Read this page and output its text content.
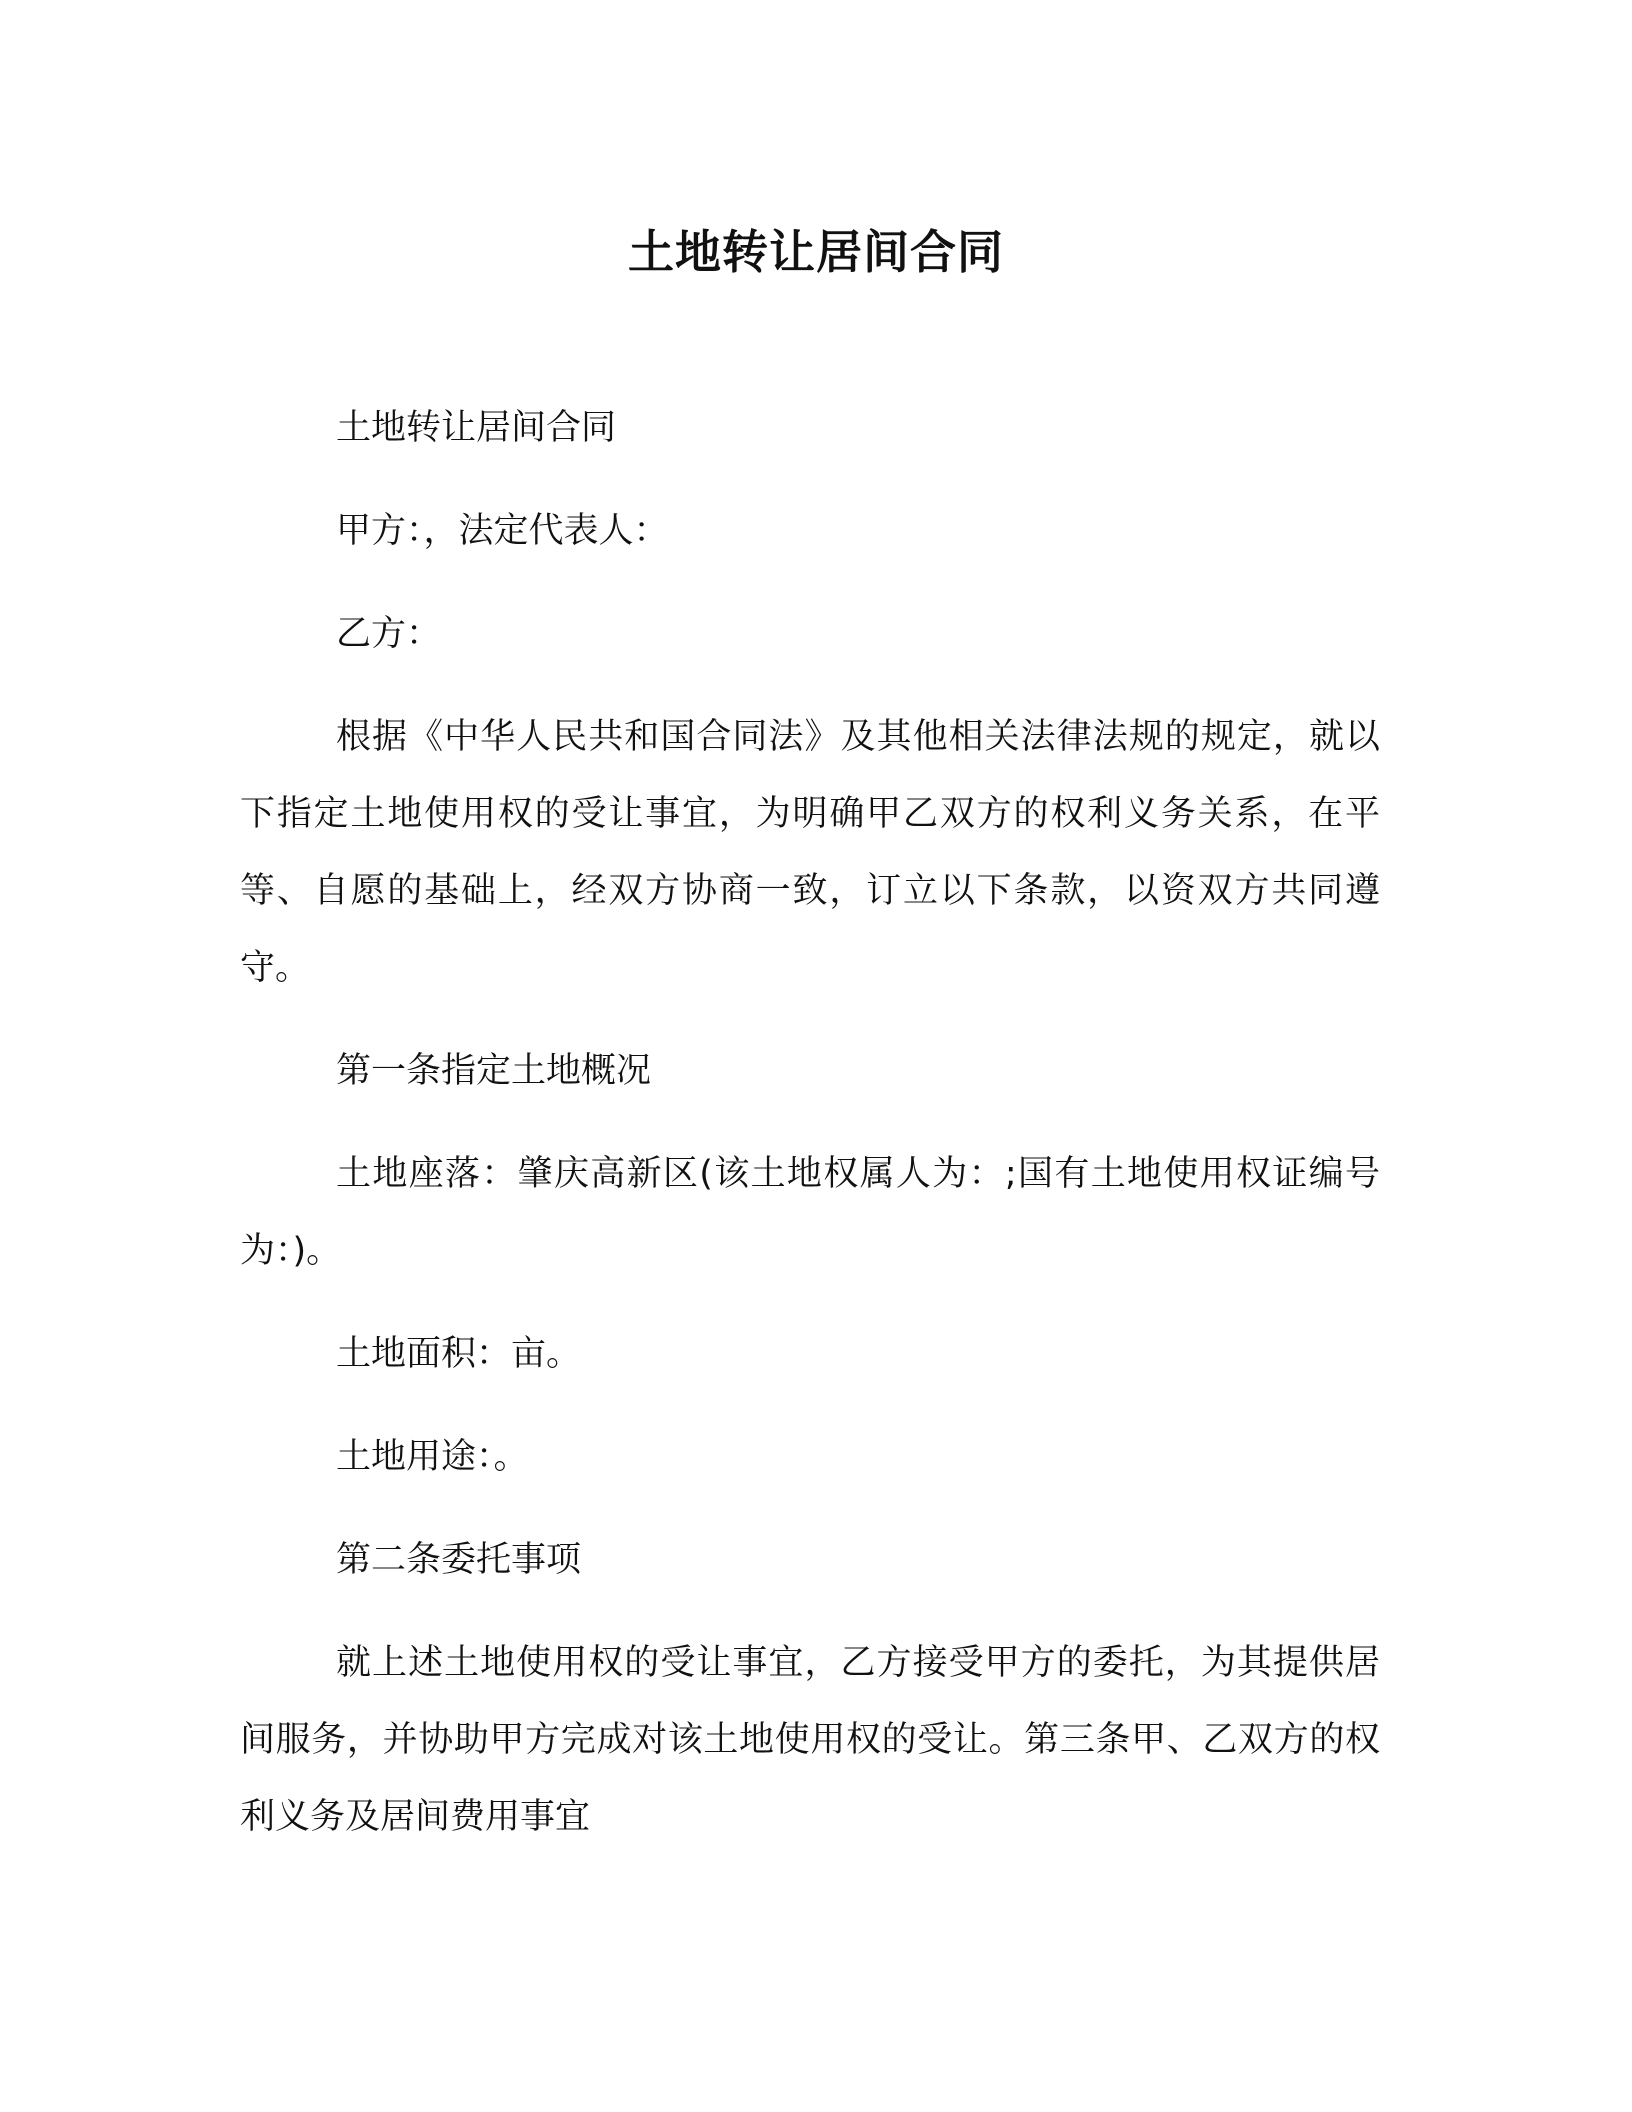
土地转让居间合同

土地转让居间合同

甲方：，法定代表人：

乙方：

根据《中华人民共和国合同法》及其他相关法律法规的规定，就以下指定土地使用权的受让事宜，为明确甲乙双方的权利义务关系，在平等、自愿的基础上，经双方协商一致，订立以下条款，以资双方共同遵守。

第一条指定土地概况

土地座落：肇庆高新区(该土地权属人为：;国有土地使用权证编号为：)。

土地面积：亩。

土地用途：。

第二条委托事项

就上述土地使用权的受让事宜，乙方接受甲方的委托，为其提供居间服务，并协助甲方完成对该土地使用权的受让。第三条甲、乙双方的权利义务及居间费用事宜
